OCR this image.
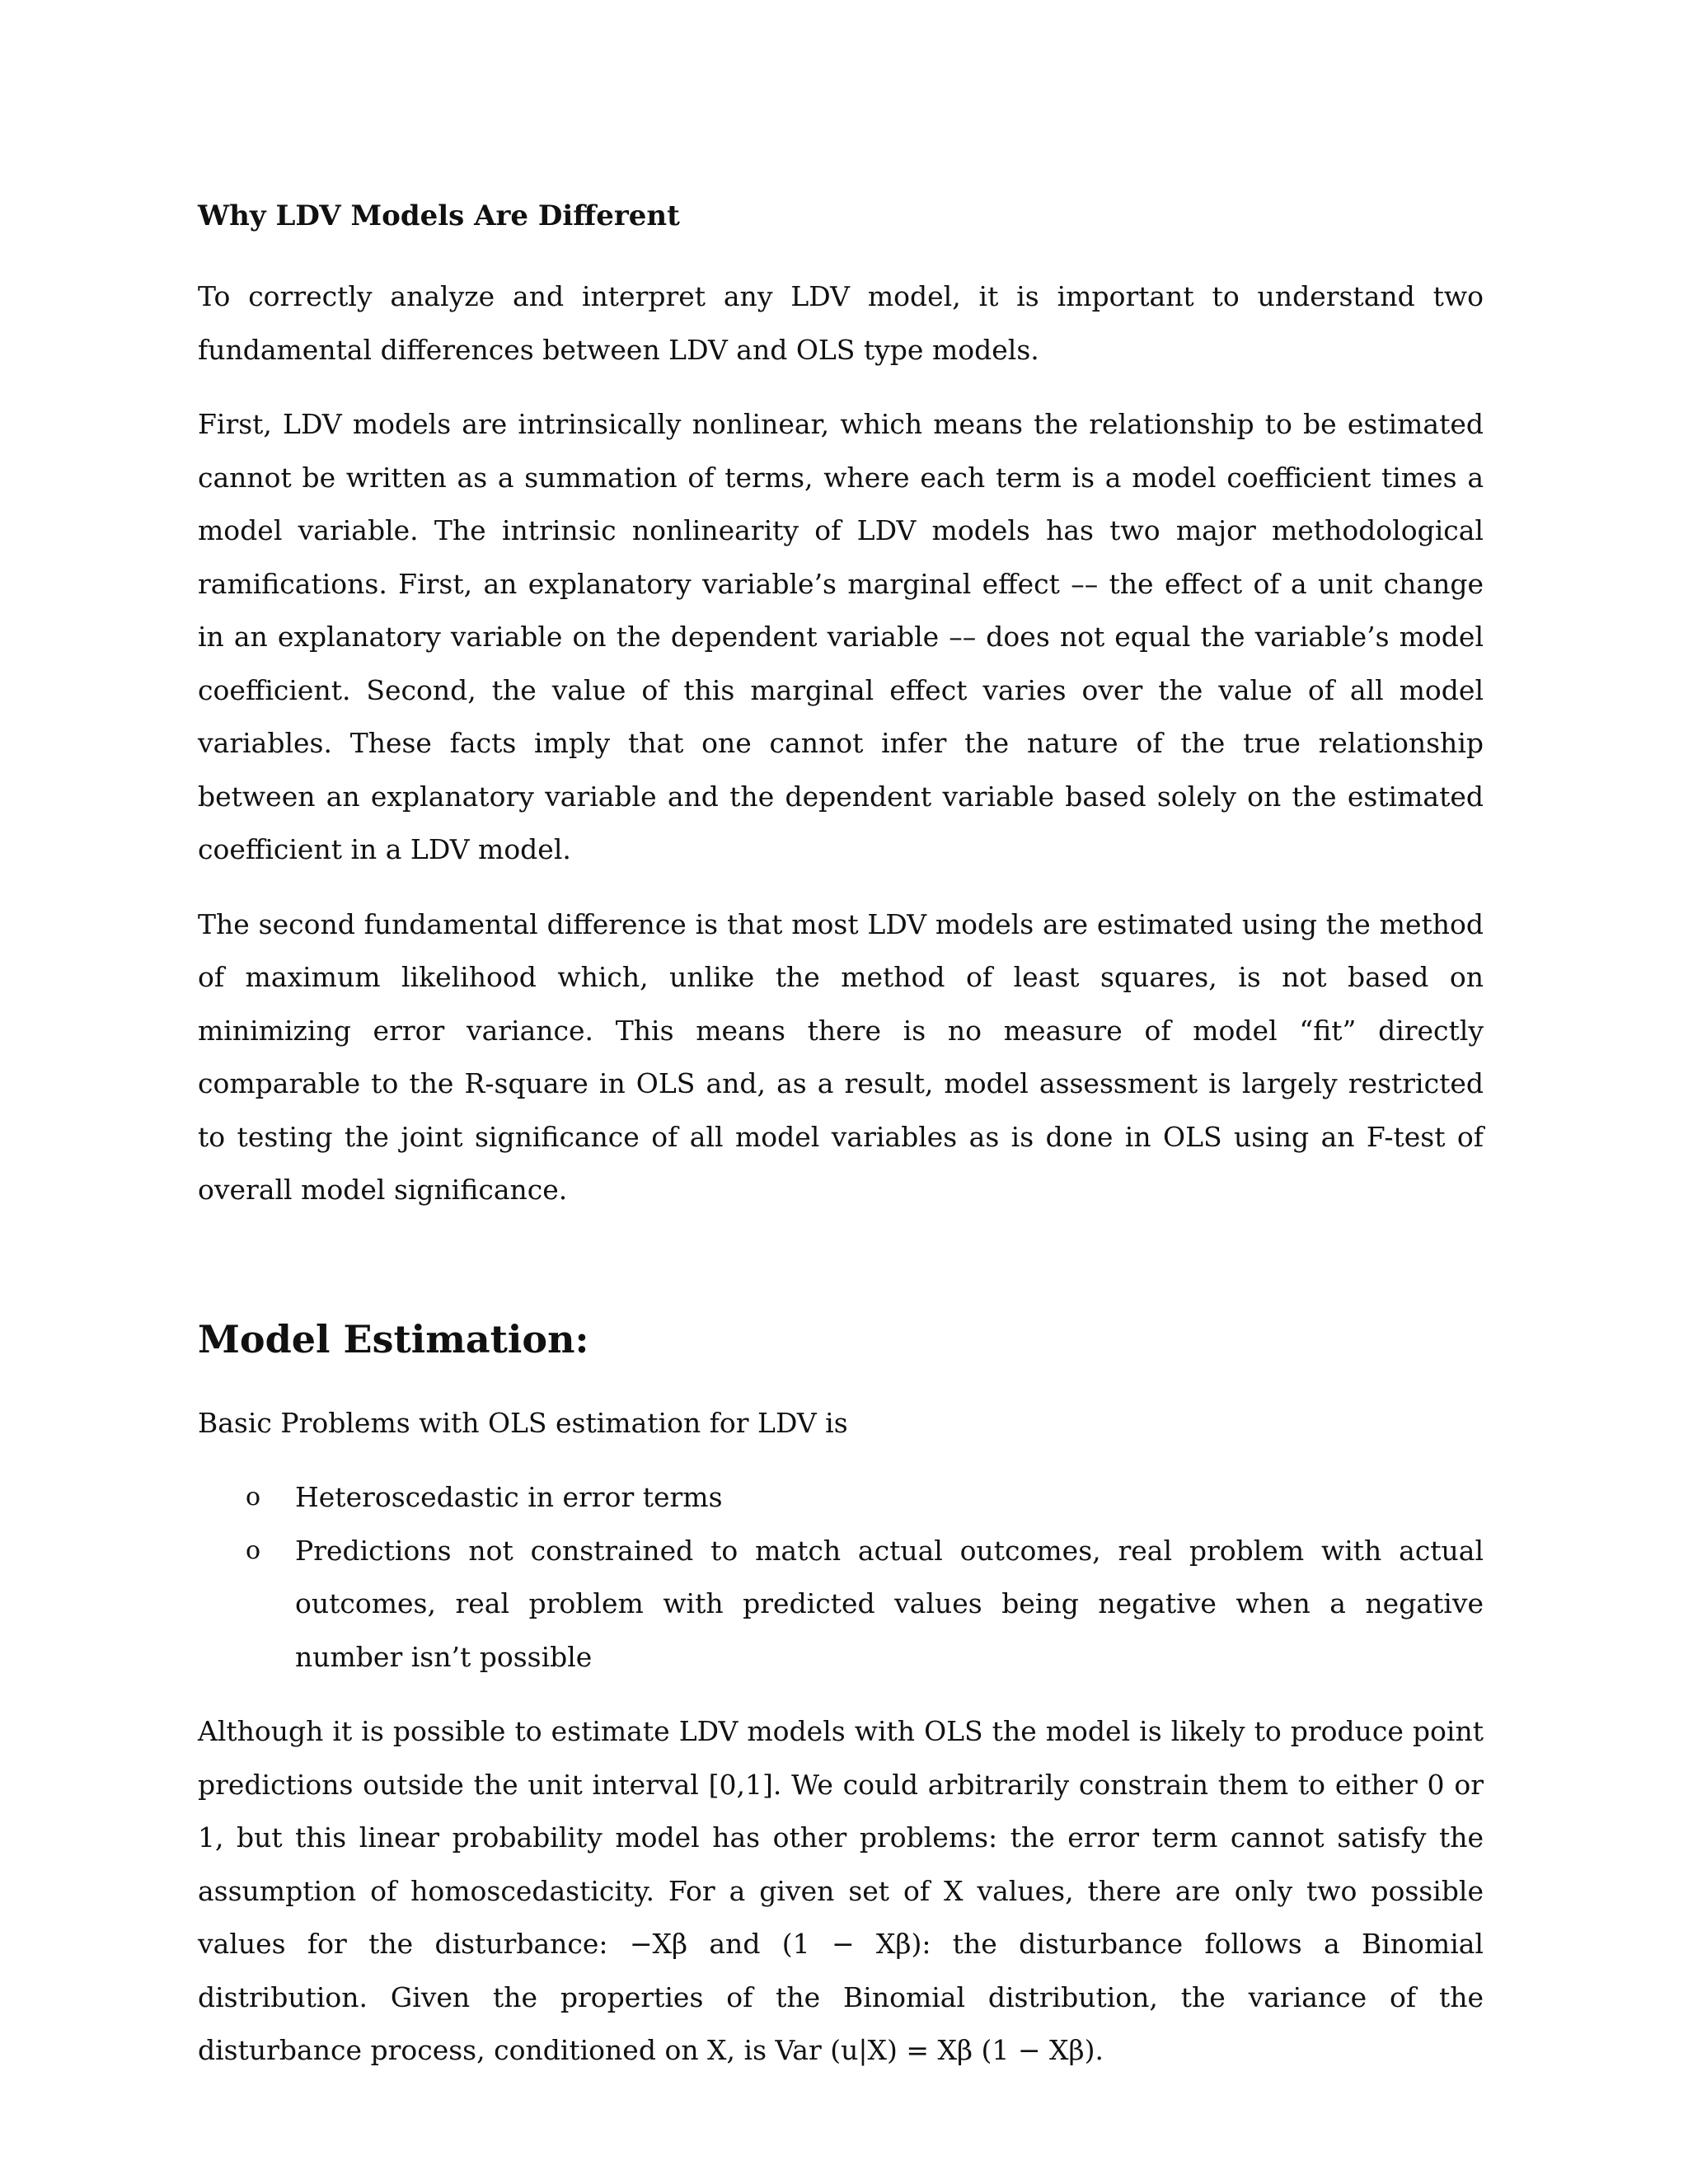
Why LDV Models Are Different

To correctly analyze and interpret any LDV model, it is important to understand two fundamental differences between LDV and OLS type models.

First, LDV models are intrinsically nonlinear, which means the relationship to be estimated cannot be written as a summation of terms, where each term is a model coefficient times a model variable. The intrinsic nonlinearity of LDV models has two major methodological ramifications. First, an explanatory variable’s marginal effect –– the effect of a unit change in an explanatory variable on the dependent variable –– does not equal the variable’s model coefficient. Second, the value of this marginal effect varies over the value of all model variables. These facts imply that one cannot infer the nature of the true relationship between an explanatory variable and the dependent variable based solely on the estimated coefficient in a LDV model.

The second fundamental difference is that most LDV models are estimated using the method of maximum likelihood which, unlike the method of least squares, is not based on minimizing error variance. This means there is no measure of model “fit” directly comparable to the R-square in OLS and, as a result, model assessment is largely restricted to testing the joint significance of all model variables as is done in OLS using an F-test of overall model significance.

Model Estimation:

Basic Problems with OLS estimation for LDV is

o Heteroscedastic in error terms
o Predictions not constrained to match actual outcomes, real problem with actual outcomes, real problem with predicted values being negative when a negative number isn’t possible

Although it is possible to estimate LDV models with OLS the model is likely to produce point predictions outside the unit interval [0,1]. We could arbitrarily constrain them to either 0 or 1, but this linear probability model has other problems: the error term cannot satisfy the assumption of homoscedasticity. For a given set of X values, there are only two possible values for the disturbance: −Xβ and (1 − Xβ): the disturbance follows a Binomial distribution. Given the properties of the Binomial distribution, the variance of the disturbance process, conditioned on X, is Var (u|X) = Xβ (1 − Xβ).
